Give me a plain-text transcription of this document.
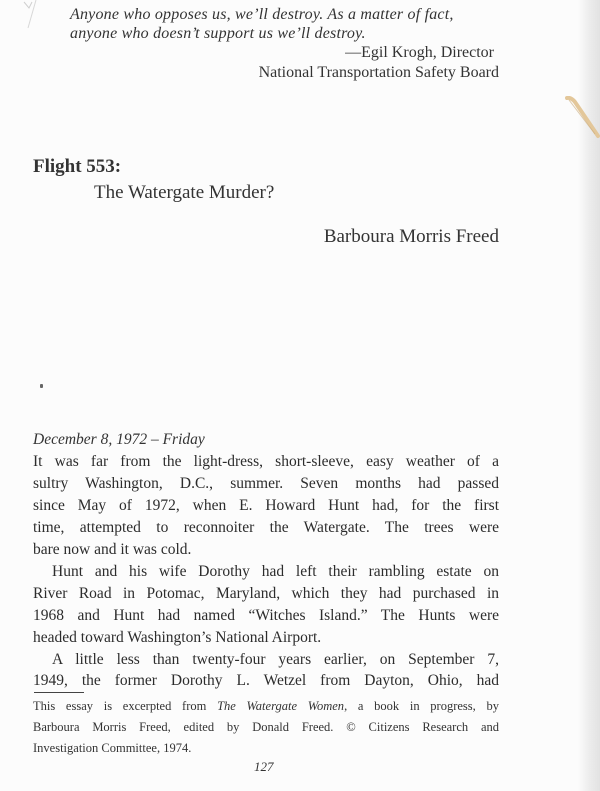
Anyone who opposes us, we’ll destroy. As a matter of fact,
anyone who doesn’t support us we’ll destroy.
—Egil Krogh, Director
National Transportation Safety Board
Flight 553:
The Watergate Murder?
Barboura Morris Freed
December 8, 1972 – Friday
It was far from the light-dress, short-sleeve, easy weather of a
sultry Washington, D.C., summer. Seven months had passed
since May of 1972, when E. Howard Hunt had, for the first
time, attempted to reconnoiter the Watergate. The trees were
bare now and it was cold.
Hunt and his wife Dorothy had left their rambling estate on
River Road in Potomac, Maryland, which they had purchased in
1968 and Hunt had named “Witches Island.” The Hunts were
headed toward Washington’s National Airport.
A little less than twenty-four years earlier, on September 7,
1949, the former Dorothy L. Wetzel from Dayton, Ohio, had
This essay is excerpted from The Watergate Women, a book in progress, by
Barboura Morris Freed, edited by Donald Freed. © Citizens Research and
Investigation Committee, 1974.
127
